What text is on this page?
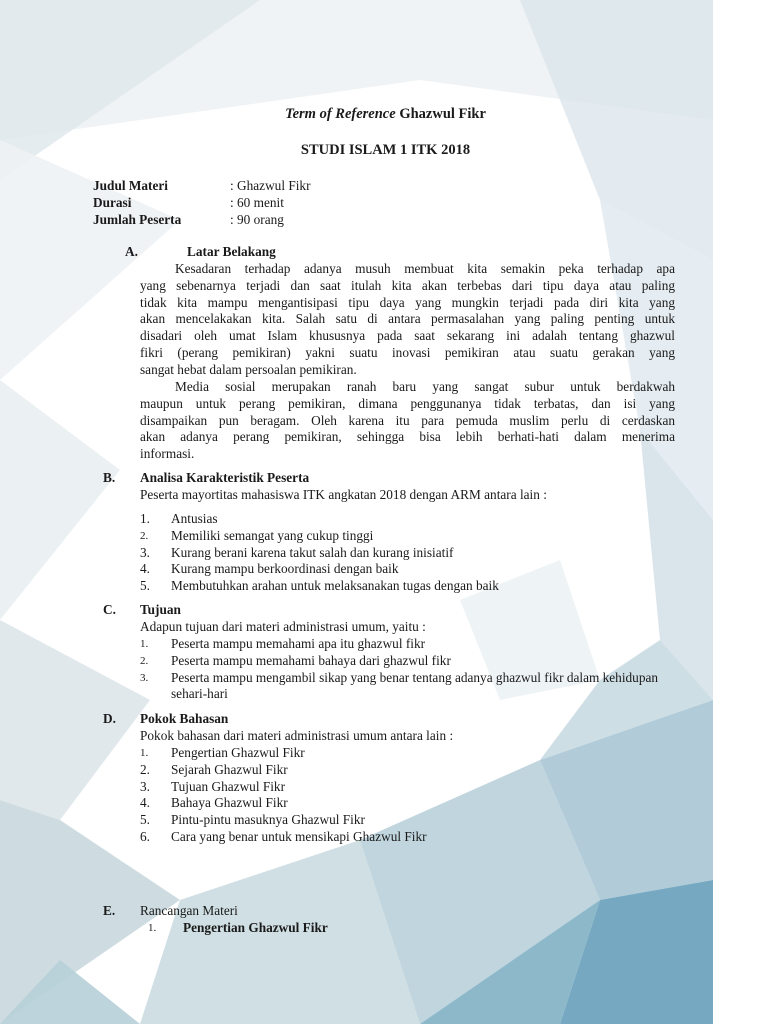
Term of Reference Ghazwul Fikr
STUDI ISLAM 1 ITK 2018
Judul Materi	: Ghazwul Fikr
Durasi	: 60 menit
Jumlah Peserta	: 90 orang
A.	Latar Belakang
Kesadaran terhadap adanya musuh membuat kita semakin peka terhadap apa
yang sebenarnya terjadi dan saat itulah kita akan terbebas dari tipu daya atau paling
tidak kita mampu mengantisipasi tipu daya yang mungkin terjadi pada diri kita yang
akan mencelakakan kita. Salah satu di antara permasalahan yang paling penting untuk
disadari oleh umat Islam khususnya pada saat sekarang ini adalah tentang ghazwul
fikri (perang pemikiran) yakni suatu inovasi pemikiran atau suatu gerakan yang
sangat hebat dalam persoalan pemikiran.
Media sosial merupakan ranah baru yang sangat subur untuk berdakwah
maupun untuk perang pemikiran, dimana penggunanya tidak terbatas, dan isi yang
disampaikan pun beragam. Oleh karena itu para pemuda muslim perlu di cerdaskan
akan adanya perang pemikiran, sehingga bisa lebih berhati-hati dalam menerima
informasi.
B. Analisa Karakteristik Peserta
Peserta mayortitas mahasiswa ITK angkatan 2018 dengan ARM antara lain :
1. Antusias
2. Memiliki semangat yang cukup tinggi
3. Kurang berani karena takut salah dan kurang inisiatif
4. Kurang mampu berkoordinasi dengan baik
5. Membutuhkan arahan untuk melaksanakan tugas dengan baik
C. Tujuan
Adapun tujuan dari materi administrasi umum, yaitu :
1. Peserta mampu memahami apa itu ghazwul fikr
2. Peserta mampu memahami bahaya dari ghazwul fikr
3. Peserta mampu mengambil sikap yang benar tentang adanya ghazwul fikr dalam kehidupan sehari-hari
D. Pokok Bahasan
Pokok bahasan dari materi administrasi umum antara lain :
1. Pengertian Ghazwul Fikr
2. Sejarah Ghazwul Fikr
3. Tujuan Ghazwul Fikr
4. Bahaya Ghazwul Fikr
5. Pintu-pintu masuknya Ghazwul Fikr
6. Cara yang benar untuk mensikapi Ghazwul Fikr
E. Rancangan Materi
1. Pengertian Ghazwul Fikr
